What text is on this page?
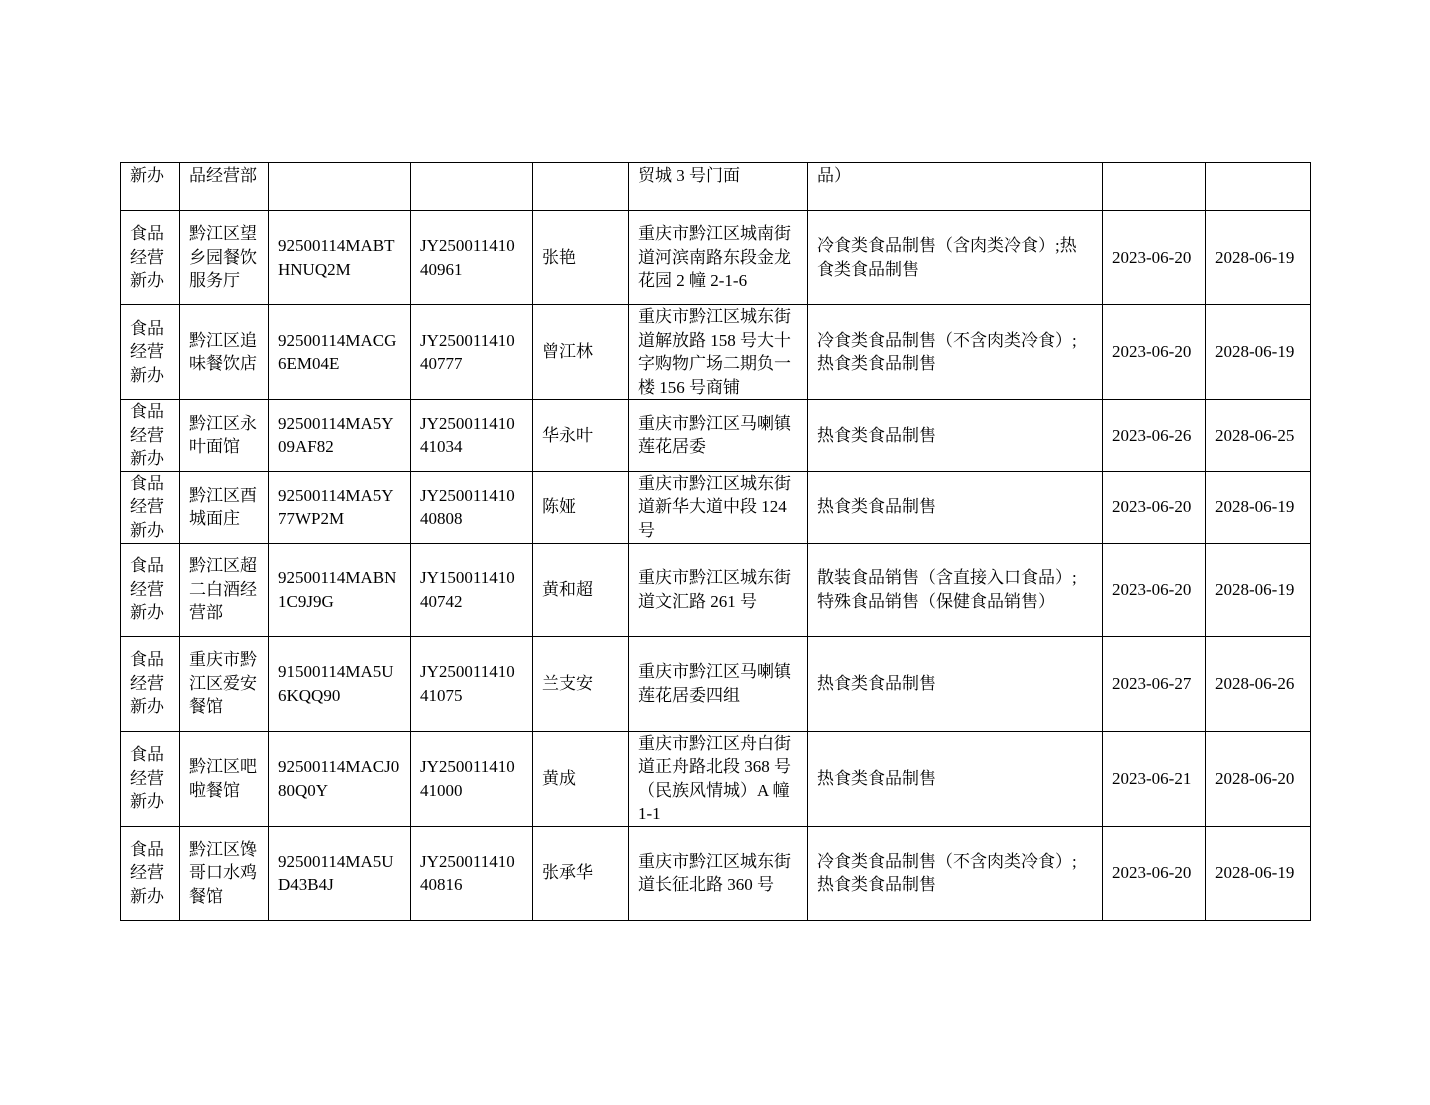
新办	品经营部				贸城 3 号门面	品）		
食品经营新办	黔江区望乡园餐饮服务厅	92500114MABTHNUQ2M	JY25001141040961	张艳	重庆市黔江区城南街道河滨南路东段金龙花园 2 幢 2-1-6	冷食类食品制售（含肉类冷食）;热食类食品制售	2023-06-20	2028-06-19
食品经营新办	黔江区追味餐饮店	92500114MACG6EM04E	JY25001141040777	曾江林	重庆市黔江区城东街道解放路 158 号大十字购物广场二期负一楼 156 号商铺	冷食类食品制售（不含肉类冷食）;热食类食品制售	2023-06-20	2028-06-19
食品经营新办	黔江区永叶面馆	92500114MA5Y09AF82	JY25001141041034	华永叶	重庆市黔江区马喇镇莲花居委	热食类食品制售	2023-06-26	2028-06-25
食品经营新办	黔江区酉城面庄	92500114MA5Y77WP2M	JY25001141040808	陈娅	重庆市黔江区城东街道新华大道中段 124 号	热食类食品制售	2023-06-20	2028-06-19
食品经营新办	黔江区超二白酒经营部	92500114MABN1C9J9G	JY15001141040742	黄和超	重庆市黔江区城东街道文汇路 261 号	散装食品销售（含直接入口食品）;特殊食品销售（保健食品销售）	2023-06-20	2028-06-19
食品经营新办	重庆市黔江区爱安餐馆	91500114MA5U6KQQ90	JY25001141041075	兰支安	重庆市黔江区马喇镇莲花居委四组	热食类食品制售	2023-06-27	2028-06-26
食品经营新办	黔江区吧啦餐馆	92500114MACJ080Q0Y	JY25001141041000	黄成	重庆市黔江区舟白街道正舟路北段 368 号（民族风情城）A 幢 1-1	热食类食品制售	2023-06-21	2028-06-20
食品经营新办	黔江区馋哥口水鸡餐馆	92500114MA5UD43B4J	JY25001141040816	张承华	重庆市黔江区城东街道长征北路 360 号	冷食类食品制售（不含肉类冷食）;热食类食品制售	2023-06-20	2028-06-19
